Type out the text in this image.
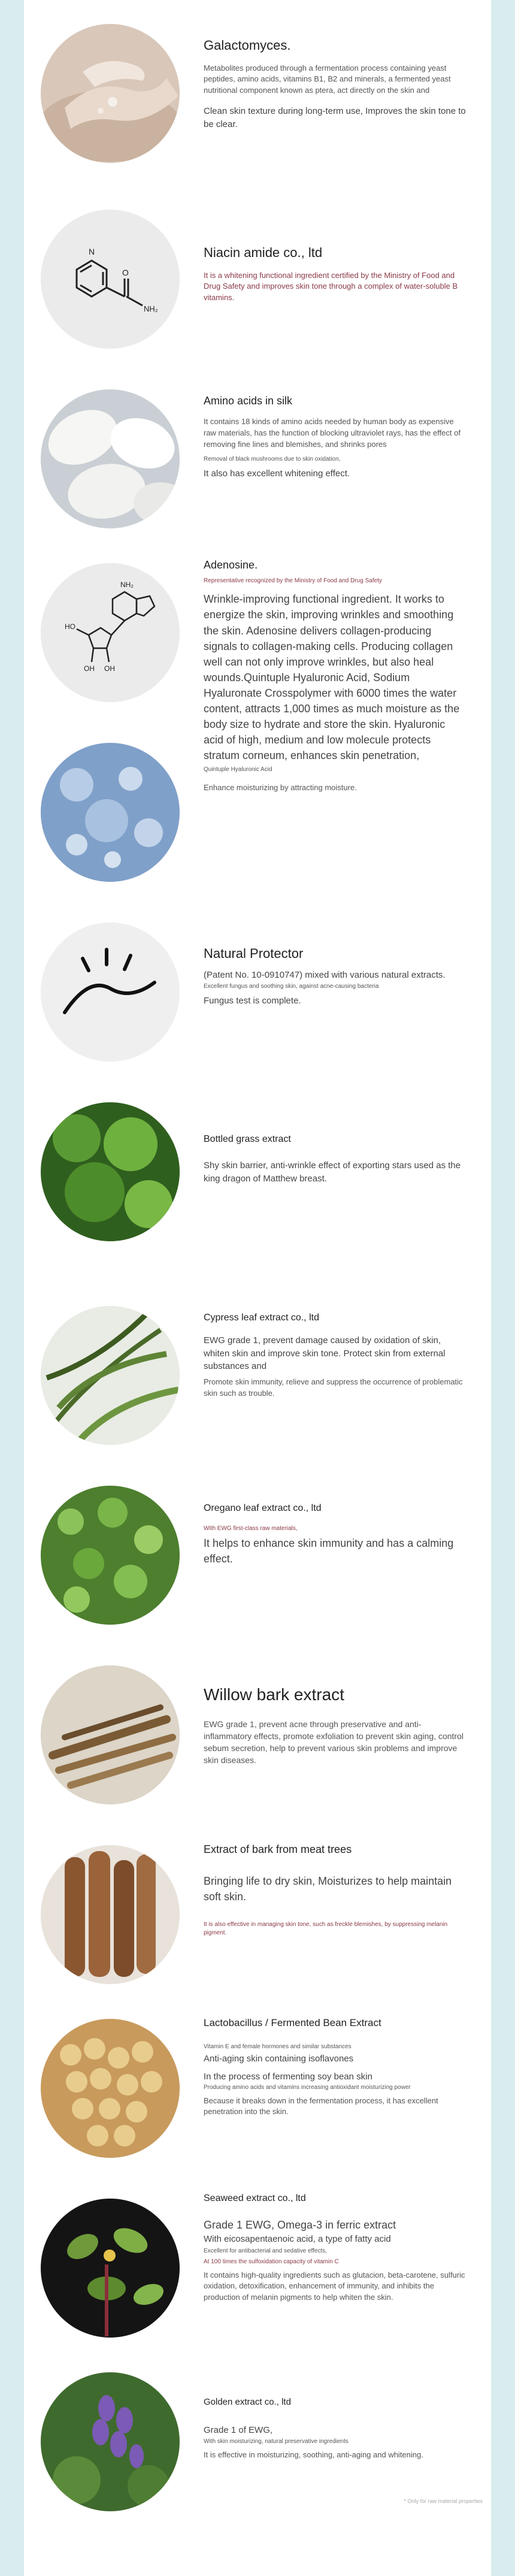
Galactomyces.
Metabolites produced through a fermentation process containing yeast peptides, amino acids, vitamins B1, B2 and minerals, a fermented yeast nutritional component known as ptera, act directly on the skin and
Clean skin texture during long-term use, Improves the skin tone to be clear.
N
O
NH₂
Niacin amide co., ltd
It is a whitening functional ingredient certified by the Ministry of Food and Drug Safety and improves skin tone through a complex of water-soluble B vitamins.
Amino acids in silk
It contains 18 kinds of amino acids needed by human body as expensive raw materials, has the function of blocking ultraviolet rays, has the effect of removing fine lines and blemishes, and shrinks pores
Removal of black mushrooms due to skin oxidation,
It also has excellent whitening effect.
NH₂
HO
OH OH
Adenosine.
Representative recognized by the Ministry of Food and Drug Safety
Wrinkle-improving functional ingredient. It works to energize the skin, improving wrinkles and smoothing the skin. Adenosine delivers collagen-producing signals to collagen-making cells. Producing collagen well can not only improve wrinkles, but also heal wounds.Quintuple Hyaluronic Acid, Sodium Hyaluronate Crosspolymer with 6000 times the water content, attracts 1,000 times as much moisture as the body size to hydrate and store the skin. Hyaluronic acid of high, medium and low molecule protects stratum corneum, enhances skin penetration,
Quintuple Hyaluronic Acid
Enhance moisturizing by attracting moisture.
Natural Protector
(Patent No. 10-0910747) mixed with various natural extracts.
Excellent fungus and soothing skin, against acne-causing bacteria
Fungus test is complete.
Bottled grass extract
Shy skin barrier, anti-wrinkle effect of exporting stars used as the king dragon of Matthew breast.
Cypress leaf extract co., ltd
EWG grade 1, prevent damage caused by oxidation of skin, whiten skin and improve skin tone. Protect skin from external substances and
Promote skin immunity, relieve and suppress the occurrence of problematic skin such as trouble.
Oregano leaf extract co., ltd
With EWG first-class raw materials,
It helps to enhance skin immunity and has a calming effect.
Willow bark extract
EWG grade 1, prevent acne through preservative and anti-inflammatory effects, promote exfoliation to prevent skin aging, control sebum secretion, help to prevent various skin problems and improve skin diseases.
Extract of bark from meat trees
Bringing life to dry skin, Moisturizes to help maintain soft skin.
It is also effective in managing skin tone, such as freckle blemishes, by suppressing melanin pigment.
Lactobacillus / Fermented Bean Extract
Vitamin E and female hormones and similar substances
Anti-aging skin containing isoflavones
In the process of fermenting soy bean skin
Producing amino acids and vitamins increasing antioxidant moisturizing power
Because it breaks down in the fermentation process, it has excellent penetration into the skin.
Seaweed extract co., ltd
Grade 1 EWG, Omega-3 in ferric extract
With eicosapentaenoic acid, a type of fatty acid
Excellent for antibacterial and sedative effects,
At 100 times the sulfoxidation capacity of vitamin C
It contains high-quality ingredients such as glutacion, beta-carotene, sulfuric oxidation, detoxification, enhancement of immunity, and inhibits the production of melanin pigments to help whiten the skin.
Golden extract co., ltd
Grade 1 of EWG,
With skin moisturizing, natural preservative ingredients
It is effective in moisturizing, soothing, anti-aging and whitening.
* Only for raw material properties
